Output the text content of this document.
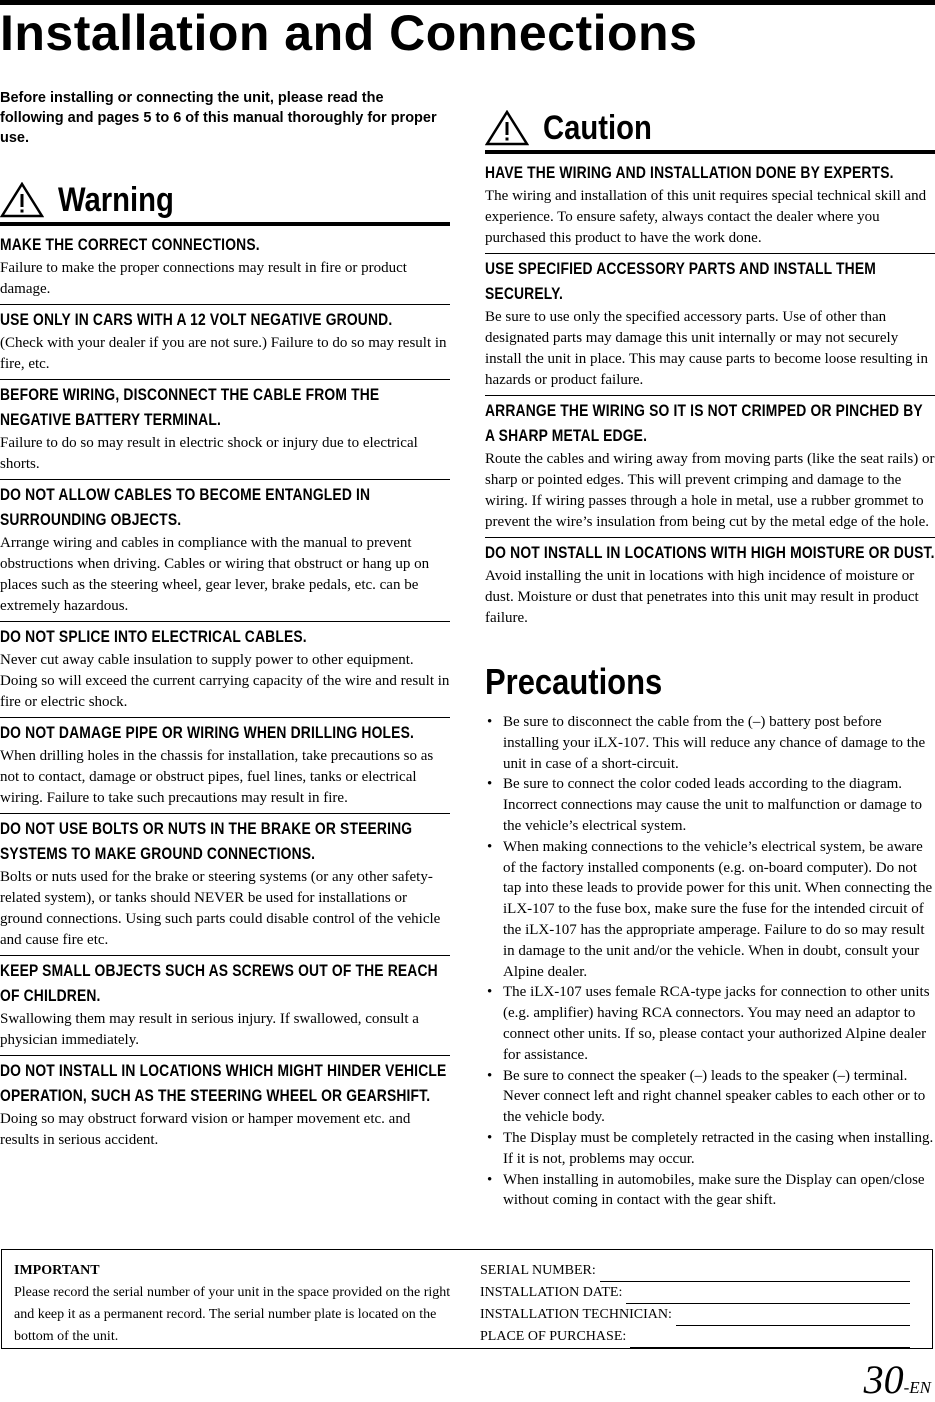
Installation and Connections
Before installing or connecting the unit, please read the following and pages 5 to 6 of this manual thoroughly for proper use.
Warning
MAKE THE CORRECT CONNECTIONS.
Failure to make the proper connections may result in fire or product damage.
USE ONLY IN CARS WITH A 12 VOLT NEGATIVE GROUND.
(Check with your dealer if you are not sure.) Failure to do so may result in fire, etc.
BEFORE WIRING, DISCONNECT THE CABLE FROM THE NEGATIVE BATTERY TERMINAL.
Failure to do so may result in electric shock or injury due to electrical shorts.
DO NOT ALLOW CABLES TO BECOME ENTANGLED IN SURROUNDING OBJECTS.
Arrange wiring and cables in compliance with the manual to prevent obstructions when driving. Cables or wiring that obstruct or hang up on places such as the steering wheel, gear lever, brake pedals, etc. can be extremely hazardous.
DO NOT SPLICE INTO ELECTRICAL CABLES.
Never cut away cable insulation to supply power to other equipment. Doing so will exceed the current carrying capacity of the wire and result in fire or electric shock.
DO NOT DAMAGE PIPE OR WIRING WHEN DRILLING HOLES.
When drilling holes in the chassis for installation, take precautions so as not to contact, damage or obstruct pipes, fuel lines, tanks or electrical wiring. Failure to take such precautions may result in fire.
DO NOT USE BOLTS OR NUTS IN THE BRAKE OR STEERING SYSTEMS TO MAKE GROUND CONNECTIONS.
Bolts or nuts used for the brake or steering systems (or any other safety-related system), or tanks should NEVER be used for installations or ground connections. Using such parts could disable control of the vehicle and cause fire etc.
KEEP SMALL OBJECTS SUCH AS SCREWS OUT OF THE REACH OF CHILDREN.
Swallowing them may result in serious injury. If swallowed, consult a physician immediately.
DO NOT INSTALL IN LOCATIONS WHICH MIGHT HINDER VEHICLE OPERATION, SUCH AS THE STEERING WHEEL OR GEARSHIFT.
Doing so may obstruct forward vision or hamper movement etc. and results in serious accident.
Caution
HAVE THE WIRING AND INSTALLATION DONE BY EXPERTS.
The wiring and installation of this unit requires special technical skill and experience. To ensure safety, always contact the dealer where you purchased this product to have the work done.
USE SPECIFIED ACCESSORY PARTS AND INSTALL THEM SECURELY.
Be sure to use only the specified accessory parts. Use of other than designated parts may damage this unit internally or may not securely install the unit in place. This may cause parts to become loose resulting in hazards or product failure.
ARRANGE THE WIRING SO IT IS NOT CRIMPED OR PINCHED BY A SHARP METAL EDGE.
Route the cables and wiring away from moving parts (like the seat rails) or sharp or pointed edges. This will prevent crimping and damage to the wiring. If wiring passes through a hole in metal, use a rubber grommet to prevent the wire’s insulation from being cut by the metal edge of the hole.
DO NOT INSTALL IN LOCATIONS WITH HIGH MOISTURE OR DUST.
Avoid installing the unit in locations with high incidence of moisture or dust. Moisture or dust that penetrates into this unit may result in product failure.
Precautions
• Be sure to disconnect the cable from the (–) battery post before installing your iLX-107. This will reduce any chance of damage to the unit in case of a short-circuit.
• Be sure to connect the color coded leads according to the diagram. Incorrect connections may cause the unit to malfunction or damage to the vehicle’s electrical system.
• When making connections to the vehicle’s electrical system, be aware of the factory installed components (e.g. on-board computer). Do not tap into these leads to provide power for this unit. When connecting the iLX-107 to the fuse box, make sure the fuse for the intended circuit of the iLX-107 has the appropriate amperage. Failure to do so may result in damage to the unit and/or the vehicle. When in doubt, consult your Alpine dealer.
• The iLX-107 uses female RCA-type jacks for connection to other units (e.g. amplifier) having RCA connectors. You may need an adaptor to connect other units. If so, please contact your authorized Alpine dealer for assistance.
• Be sure to connect the speaker (–) leads to the speaker (–) terminal. Never connect left and right channel speaker cables to each other or to the vehicle body.
• The Display must be completely retracted in the casing when installing. If it is not, problems may occur.
• When installing in automobiles, make sure the Display can open/close without coming in contact with the gear shift.
IMPORTANT
Please record the serial number of your unit in the space provided on the right and keep it as a permanent record. The serial number plate is located on the bottom of the unit.
SERIAL NUMBER:
INSTALLATION DATE:
INSTALLATION TECHNICIAN:
PLACE OF PURCHASE:
30-EN
